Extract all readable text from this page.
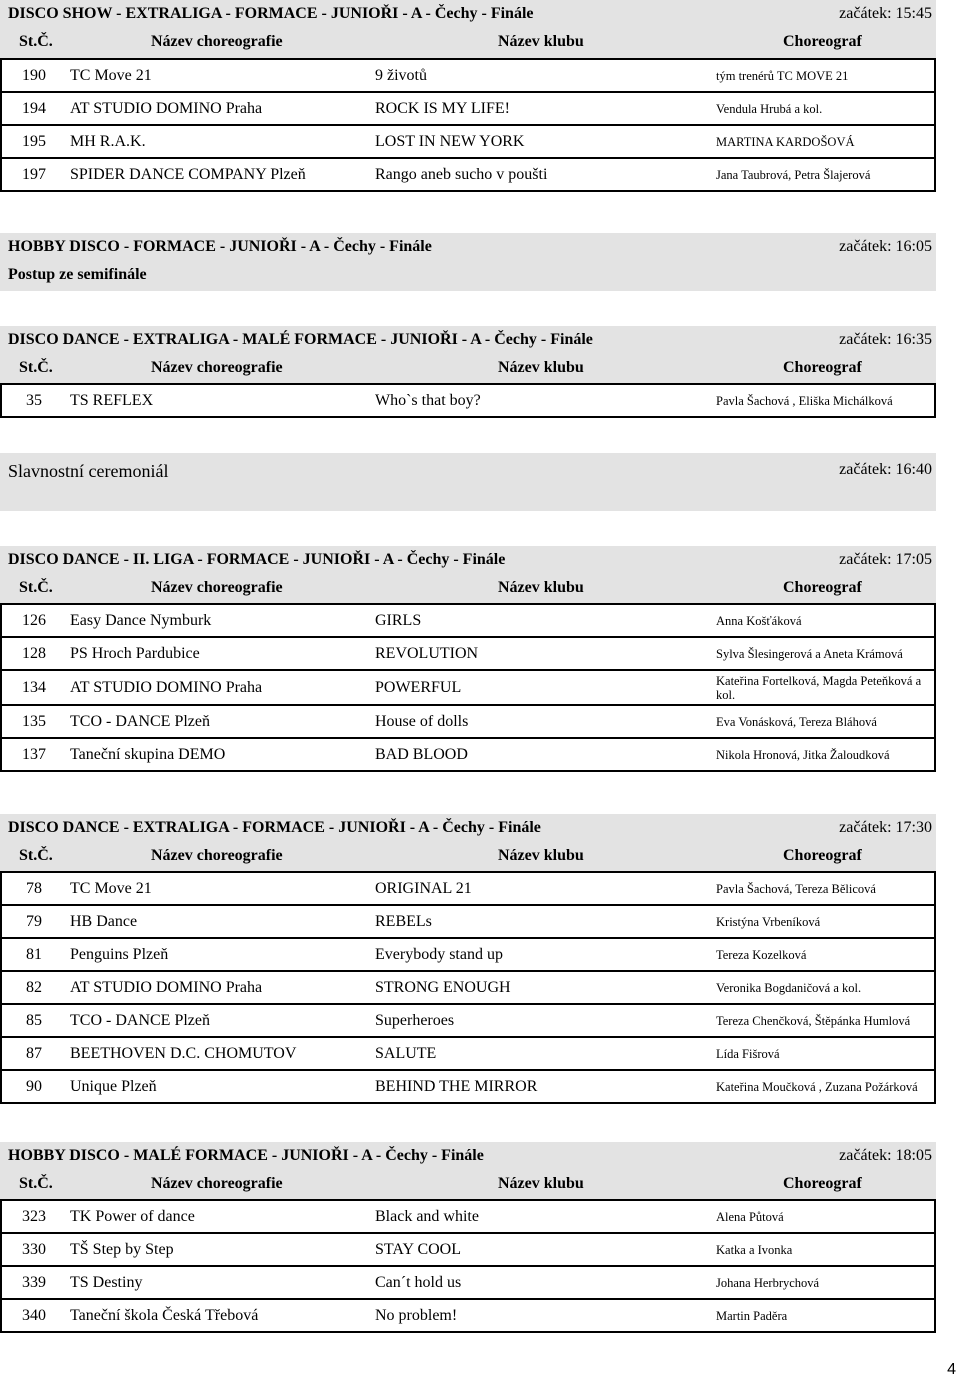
DISCO SHOW - EXTRALIGA - FORMACE - JUNIOŘI - A - Čechy - Finále	začátek: 15:45
St.Č.	Název choreografie	Název klubu	Choreograf
190	TC Move 21	9 životů	tým trenérů TC MOVE 21
194	AT STUDIO DOMINO Praha	ROCK IS MY LIFE!	Vendula Hrubá a kol.
195	MH R.A.K.	LOST IN NEW YORK	MARTINA KARDOŠOVÁ
197	SPIDER DANCE COMPANY Plzeň	Rango aneb sucho v poušti	Jana Taubrová, Petra Šlajerová
HOBBY DISCO - FORMACE - JUNIOŘI - A - Čechy - Finále	začátek: 16:05
Postup ze semifinále
DISCO DANCE - EXTRALIGA - MALÉ FORMACE - JUNIOŘI - A - Čechy - Finále	začátek: 16:35
St.Č.	Název choreografie	Název klubu	Choreograf
35	TS REFLEX	Who`s that boy?	Pavla Šachová , Eliška Michálková
Slavnostní ceremoniál	začátek: 16:40
DISCO DANCE - II. LIGA - FORMACE - JUNIOŘI - A - Čechy - Finále	začátek: 17:05
St.Č.	Název choreografie	Název klubu	Choreograf
126	Easy Dance Nymburk	GIRLS	Anna Košťáková
128	PS Hroch Pardubice	REVOLUTION	Sylva Šlesingerová a Aneta Krámová
134	AT STUDIO DOMINO Praha	POWERFUL	Kateřina Fortelková, Magda Peteňková a kol.
135	TCO - DANCE Plzeň	House of dolls	Eva Vonásková, Tereza Bláhová
137	Taneční skupina DEMO	BAD BLOOD	Nikola Hronová, Jitka Žaloudková
DISCO DANCE - EXTRALIGA - FORMACE - JUNIOŘI - A - Čechy - Finále	začátek: 17:30
St.Č.	Název choreografie	Název klubu	Choreograf
78	TC Move 21	ORIGINAL 21	Pavla Šachová, Tereza Bělicová
79	HB Dance	REBELs	Kristýna Vrbeníková
81	Penguins Plzeň	Everybody stand up	Tereza Kozelková
82	AT STUDIO DOMINO Praha	STRONG ENOUGH	Veronika Bogdaničová a kol.
85	TCO - DANCE Plzeň	Superheroes	Tereza Chenčková, Štěpánka Humlová
87	BEETHOVEN D.C. CHOMUTOV	SALUTE	Lída Fišrová
90	Unique Plzeň	BEHIND THE MIRROR	Kateřina Moučková , Zuzana Požárková
HOBBY DISCO - MALÉ FORMACE - JUNIOŘI - A - Čechy - Finále	začátek: 18:05
St.Č.	Název choreografie	Název klubu	Choreograf
323	TK Power of dance	Black and white	Alena Půtová
330	TŠ Step by Step	STAY COOL	Katka a Ivonka
339	TS Destiny	Can´t hold us	Johana Herbrychová
340	Taneční škola Česká Třebová	No problem!	Martin Paděra
4
